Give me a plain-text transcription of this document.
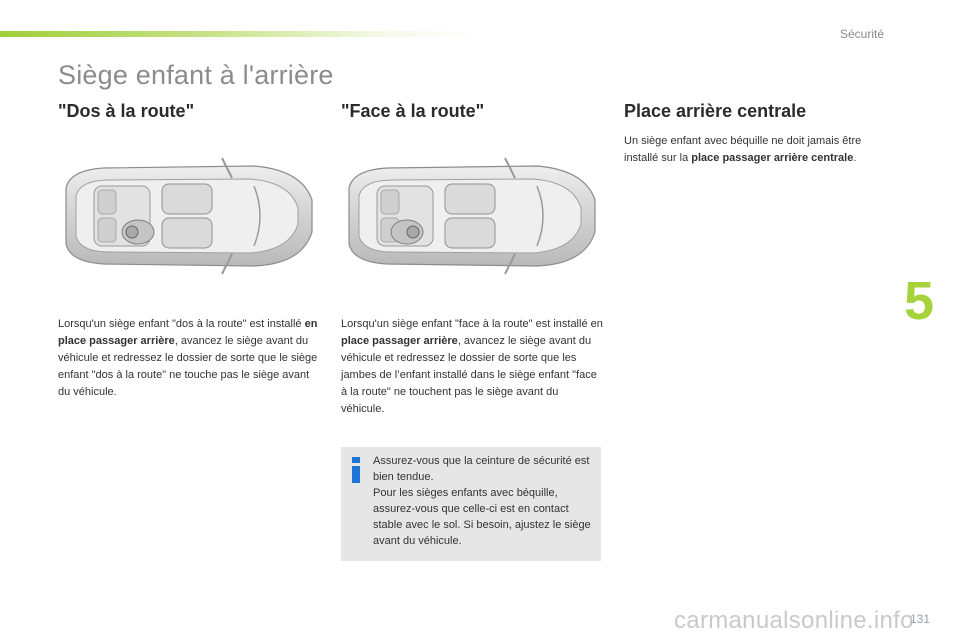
Sécurité
Siège enfant à l'arrière
"Dos à la route"

Lorsqu'un siège enfant "dos à la route" est installé en place passager arrière, avancez le siège avant du véhicule et redressez le dossier de sorte que le siège enfant "dos à la route" ne touche pas le siège avant du véhicule.

"Face à la route"

Lorsqu'un siège enfant "face à la route" est installé en place passager arrière, avancez le siège avant du véhicule et redressez le dossier de sorte que les jambes de l’enfant installé dans le siège enfant "face à la route" ne touchent pas le siège avant du véhicule.

Assurez-vous que la ceinture de sécurité est bien tendue.
Pour les sièges enfants avec béquille, assurez-vous que celle-ci est en contact stable avec le sol. Si besoin, ajustez le siège avant du véhicule.
Place arrière centrale

Un siège enfant avec béquille ne doit jamais être installé sur la place passager arrière centrale.

5
carmanualsonline.info
131
